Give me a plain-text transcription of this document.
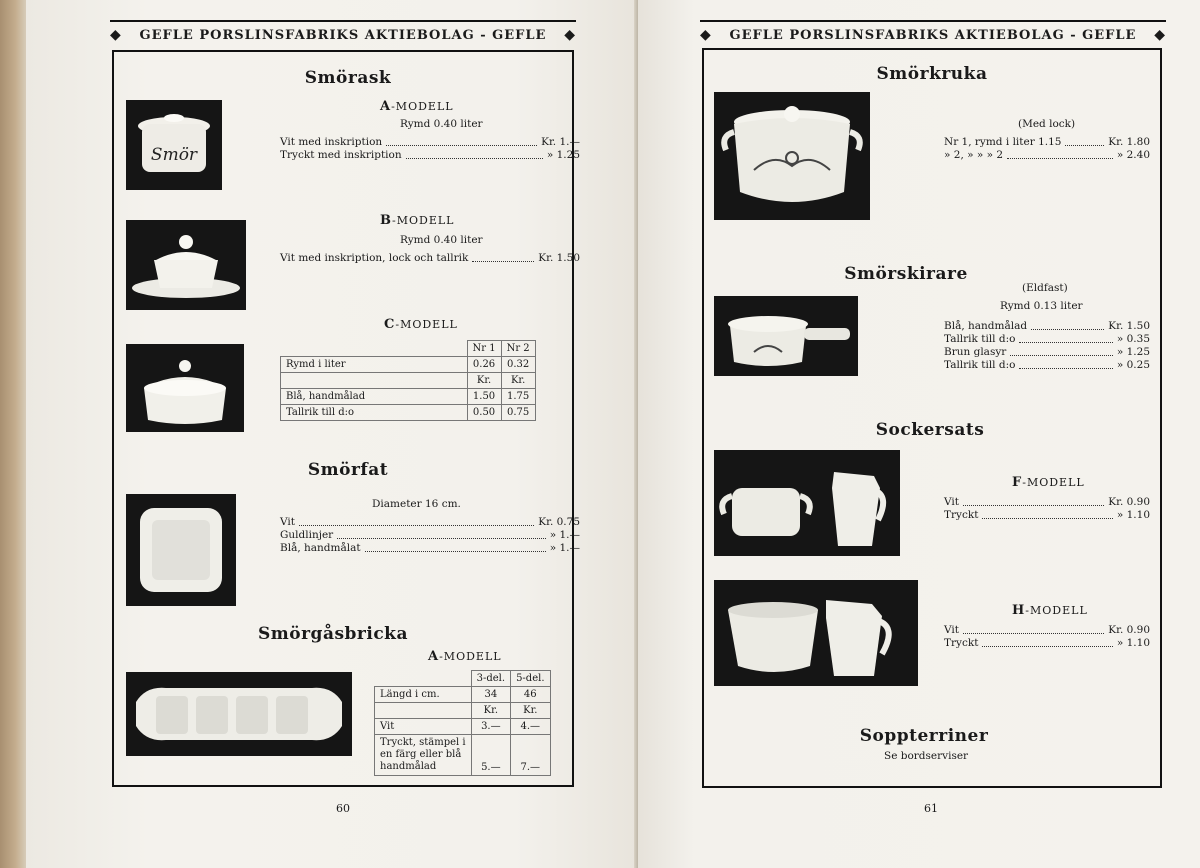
◆ GEFLE PORSLINSFABRIKS AKTIEBOLAG - GEFLE ◆
Smörask
Smör
A-MODELL
Rymd 0.40 liter
Vit med inskription	Kr. 1.—
Tryckt med inskription	» 1.25
B-MODELL
Rymd 0.40 liter
Vit med inskription, lock och tallrik	Kr. 1.50
C-MODELL
	Nr 1	Nr 2
Rymd i liter	0.26	0.32
	Kr.	Kr.
Blå, handmålad	1.50	1.75
Tallrik till d:o	0.50	0.75
Smörfat
Diameter 16 cm.
Vit	Kr. 0.75
Guldlinjer	» 1.—
Blå, handmålat	» 1.—
Smörgåsbricka
A-MODELL
	3-del.	5-del.
Längd i cm.	34	46
	Kr.	Kr.
Vit	3.—	4.—
Tryckt, stämpel i
en färg eller blå
handmålad	5.—	7.—
60
◆ GEFLE PORSLINSFABRIKS AKTIEBOLAG - GEFLE ◆
Smörkruka
(Med lock)
Nr 1, rymd i liter 1.15	Kr. 1.80
» 2, » » » 2	» 2.40
Smörskirare
(Eldfast)
Rymd 0.13 liter
Blå, handmålad	Kr. 1.50
Tallrik till d:o	» 0.35
Brun glasyr	» 1.25
Tallrik till d:o	» 0.25
Sockersats
F-MODELL
Vit	Kr. 0.90
Tryckt	» 1.10
H-MODELL
Vit	Kr. 0.90
Tryckt	» 1.10
Soppterriner
Se bordserviser
61
